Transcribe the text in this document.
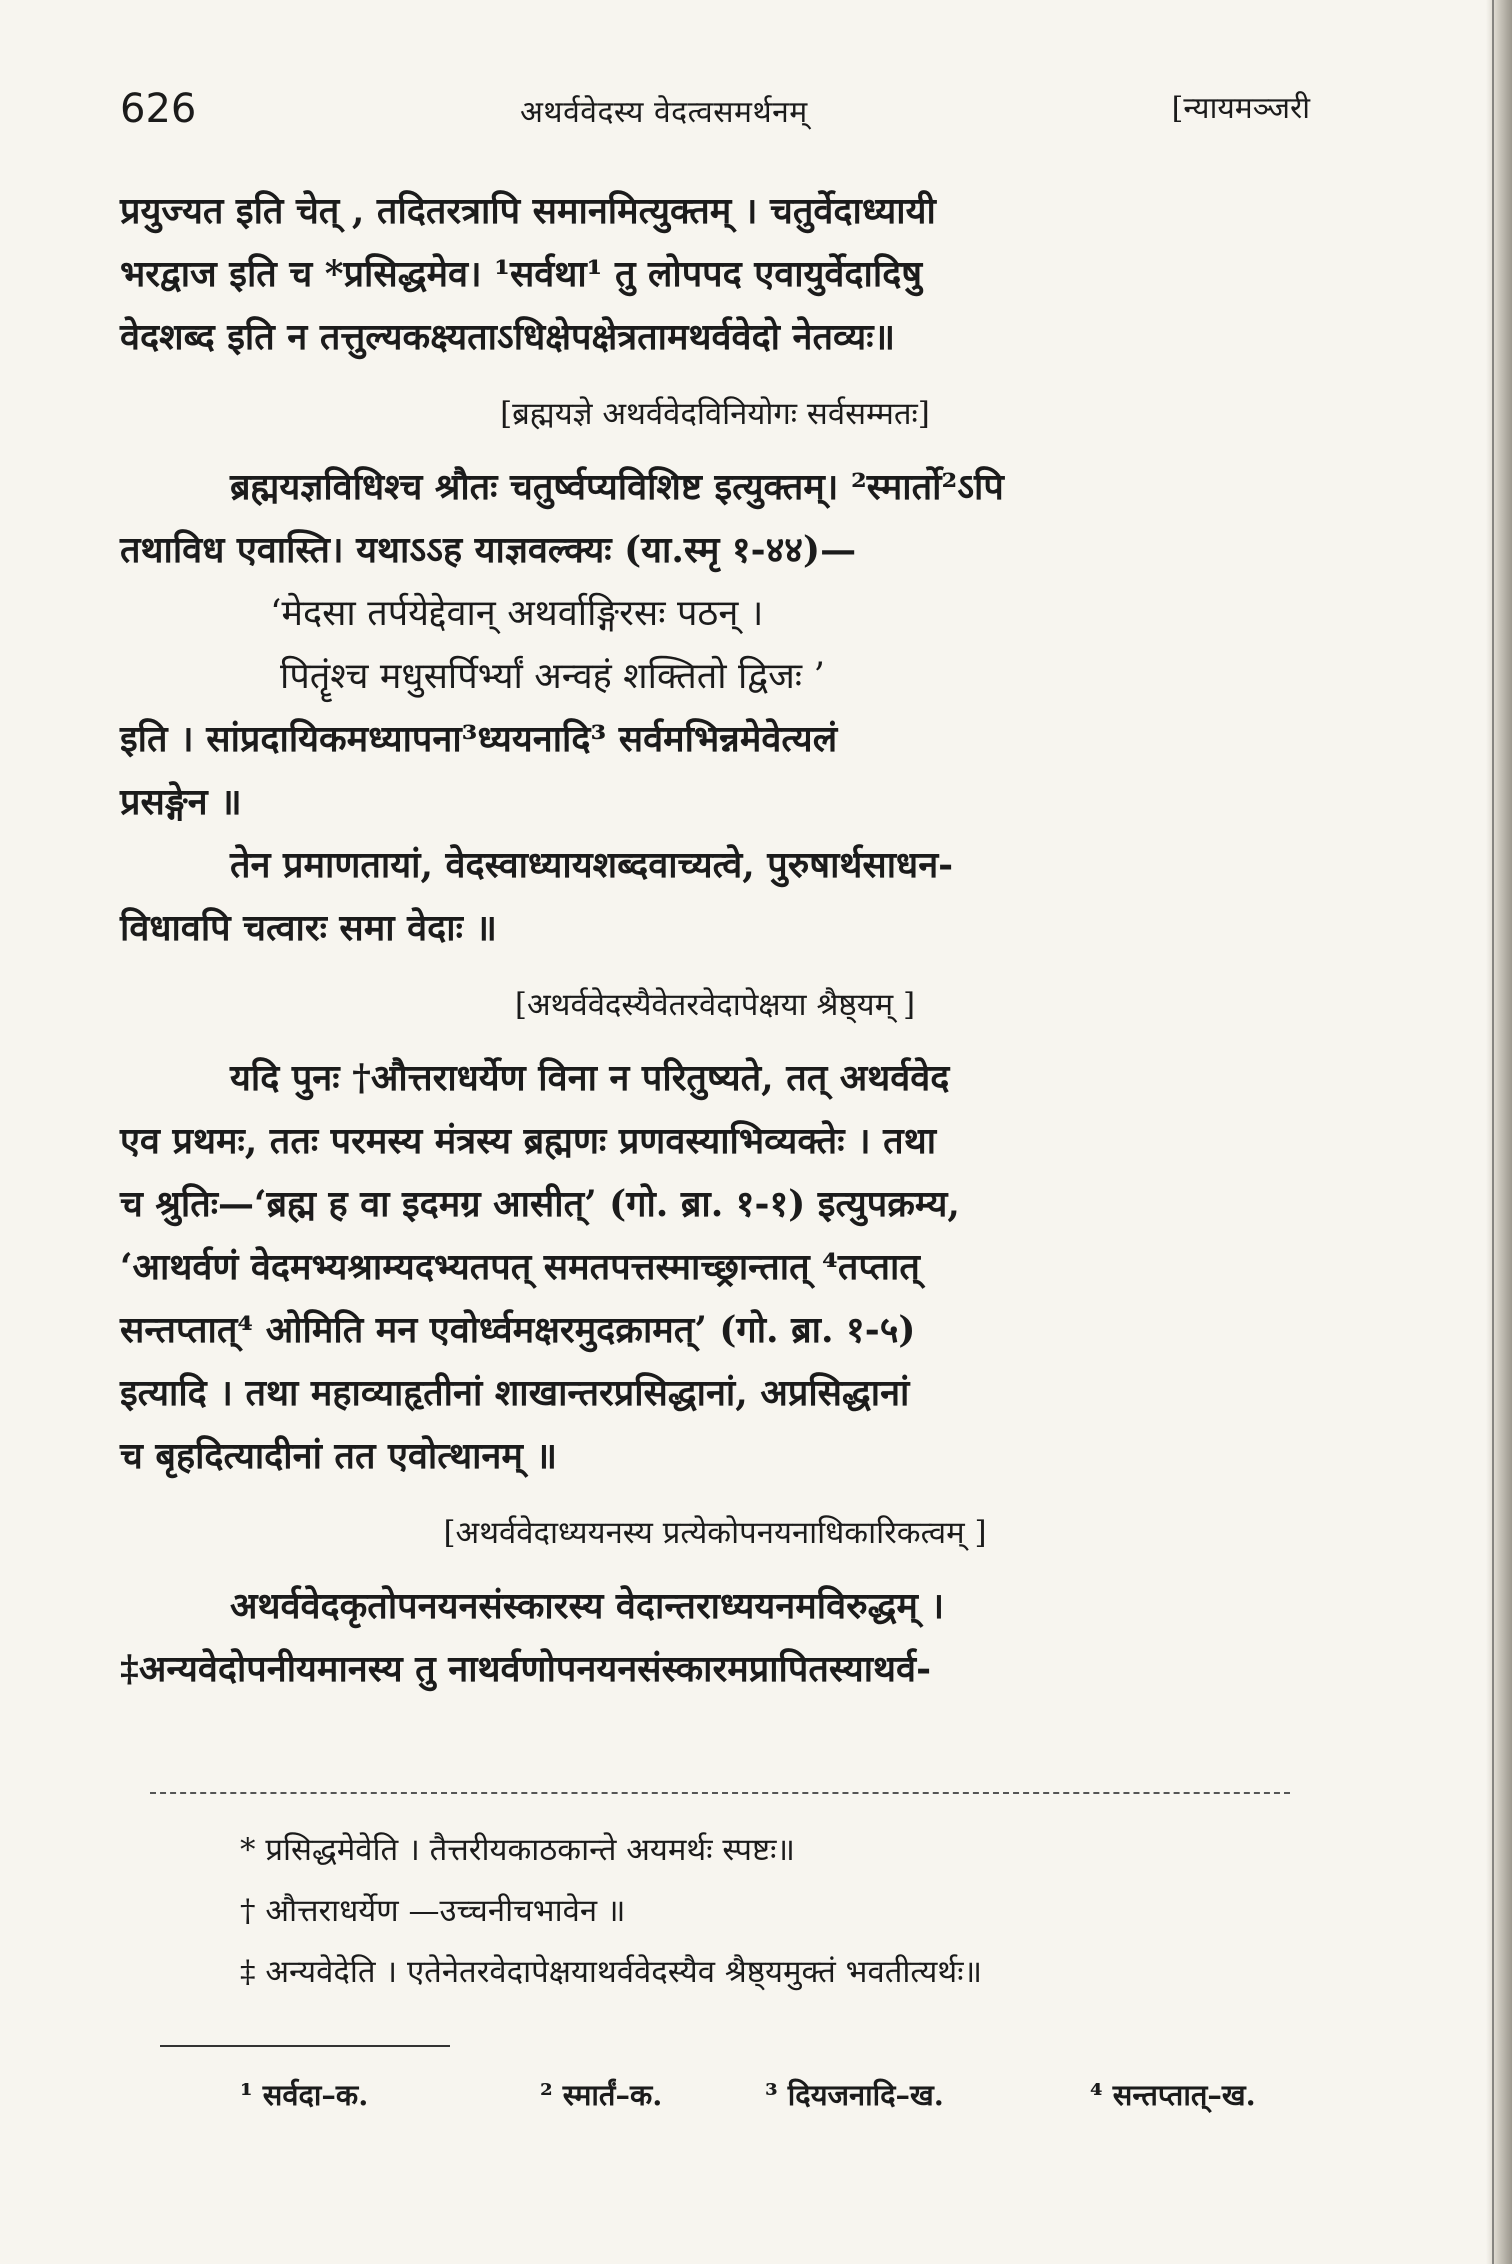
626	अथर्ववेदस्य वेदत्वसमर्थनम्	[न्यायमञ्जरी

प्रयुज्यत इति चेत् , तदितरत्रापि समानमित्युक्तम् । चतुर्वेदाध्यायी
भरद्वाज इति च *प्रसिद्धमेव। ¹सर्वथा¹ तु लोपपद एवायुर्वेदादिषु
वेदशब्द इति न तत्तुल्यकक्ष्यताऽधिक्षेपक्षेत्रतामथर्ववेदो नेतव्यः॥

[ब्रह्मयज्ञे अथर्ववेदविनियोगः सर्वसम्मतः]

ब्रह्मयज्ञविधिश्च श्रौतः चतुर्ष्वप्यविशिष्ट इत्युक्तम्। ²स्मार्तो²ऽपि
तथाविध एवास्ति। यथाऽऽह याज्ञवल्क्यः (या.स्मृ १-४४)—

‘मेदसा तर्पयेद्देवान् अथर्वाङ्गिरसः पठन् ।

पितॄंश्च मधुसर्पिर्भ्यां अन्वहं शक्तितो द्विजः ’

इति । सांप्रदायिकमध्यापना³ध्ययनादि³ सर्वमभिन्नमेवेत्यलं
प्रसङ्गेन ॥

तेन प्रमाणतायां, वेदस्वाध्यायशब्दवाच्यत्वे, पुरुषार्थसाधन-
विधावपि चत्वारः समा वेदाः ॥

[अथर्ववेदस्यैवेतरवेदापेक्षया श्रैष्ठ्यम् ]

यदि पुनः †औत्तराधर्येण विना न परितुष्यते, तत् अथर्ववेद
एव प्रथमः, ततः परमस्य मंत्रस्य ब्रह्मणः प्रणवस्याभिव्यक्तेः । तथा
च श्रुतिः—‘ब्रह्म ह वा इदमग्र आसीत्’ (गो. ब्रा. १-१) इत्युपक्रम्य,
‘आथर्वणं वेदमभ्यश्राम्यदभ्यतपत् समतपत्तस्माच्छ्रान्तात् ⁴तप्तात्
सन्तप्तात्⁴ ओमिति मन एवोर्ध्वमक्षरमुदक्रामत्’ (गो. ब्रा. १-५)
इत्यादि । तथा महाव्याहृतीनां शाखान्तरप्रसिद्धानां, अप्रसिद्धानां
च बृहदित्यादीनां तत एवोत्थानम् ॥

[अथर्ववेदाध्ययनस्य प्रत्येकोपनयनाधिकारिकत्वम् ]

अथर्ववेदकृतोपनयनसंस्कारस्य वेदान्तराध्ययनमविरुद्धम् ।
‡अन्यवेदोपनीयमानस्य तु नाथर्वणोपनयनसंस्कारमप्रापितस्याथर्व-

* प्रसिद्धमेवेति । तैत्तरीयकाठकान्ते अयमर्थः स्पष्टः॥
† औत्तराधर्येण —उच्चनीचभावेन ॥
‡ अन्यवेदेति । एतेनेतरवेदापेक्षयाथर्ववेदस्यैव श्रैष्ठ्यमुक्तं भवतीत्यर्थः॥
¹ सर्वदा–क.	² स्मार्तं–क.	³ दियजनादि–ख.	⁴ सन्तप्तात्–ख.
